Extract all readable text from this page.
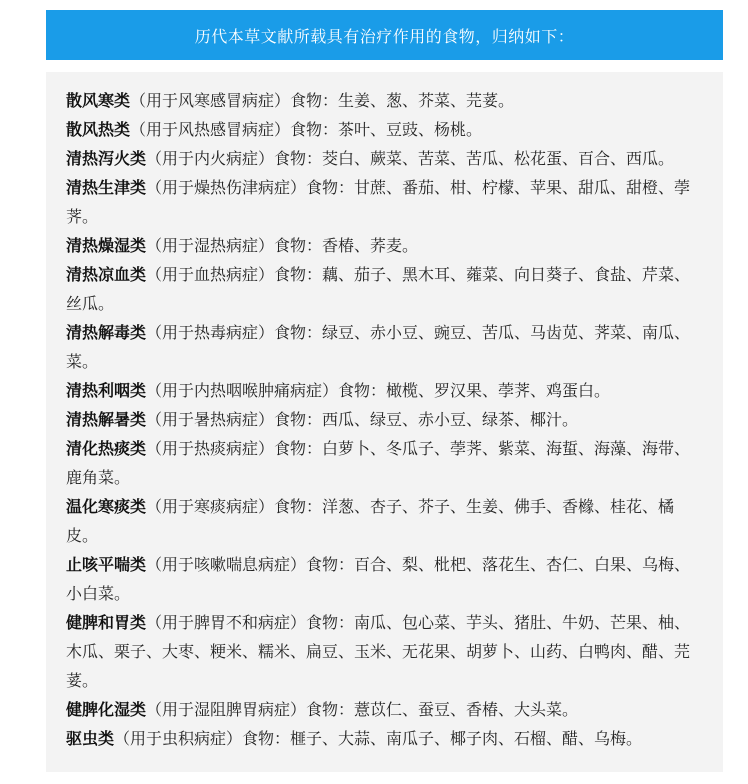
历代本草文献所载具有治疗作用的食物，归纳如下：

散风寒类（用于风寒感冒病症）食物：生姜、葱、芥菜、芫荽。

散风热类（用于风热感冒病症）食物：茶叶、豆豉、杨桃。

清热泻火类（用于内火病症）食物：茭白、蕨菜、苦菜、苦瓜、松花蛋、百合、西瓜。

清热生津类（用于燥热伤津病症）食物：甘蔗、番茄、柑、柠檬、苹果、甜瓜、甜橙、荸荠。

清热燥湿类（用于湿热病症）食物：香椿、荞麦。

清热凉血类（用于血热病症）食物：藕、茄子、黑木耳、蕹菜、向日葵子、食盐、芹菜、丝瓜。

清热解毒类（用于热毒病症）食物：绿豆、赤小豆、豌豆、苦瓜、马齿苋、荠菜、南瓜、菜。

清热利咽类（用于内热咽喉肿痛病症）食物：橄榄、罗汉果、荸荠、鸡蛋白。

清热解暑类（用于暑热病症）食物：西瓜、绿豆、赤小豆、绿茶、椰汁。

清化热痰类（用于热痰病症）食物：白萝卜、冬瓜子、荸荠、紫菜、海蜇、海藻、海带、鹿角菜。

温化寒痰类（用于寒痰病症）食物：洋葱、杏子、芥子、生姜、佛手、香橼、桂花、橘皮。

止咳平喘类（用于咳嗽喘息病症）食物：百合、梨、枇杷、落花生、杏仁、白果、乌梅、小白菜。

健脾和胃类（用于脾胃不和病症）食物：南瓜、包心菜、芋头、猪肚、牛奶、芒果、柚、木瓜、栗子、大枣、粳米、糯米、扁豆、玉米、无花果、胡萝卜、山药、白鸭肉、醋、芫荽。

健脾化湿类（用于湿阻脾胃病症）食物：薏苡仁、蚕豆、香椿、大头菜。

驱虫类（用于虫积病症）食物：榧子、大蒜、南瓜子、椰子肉、石榴、醋、乌梅。
